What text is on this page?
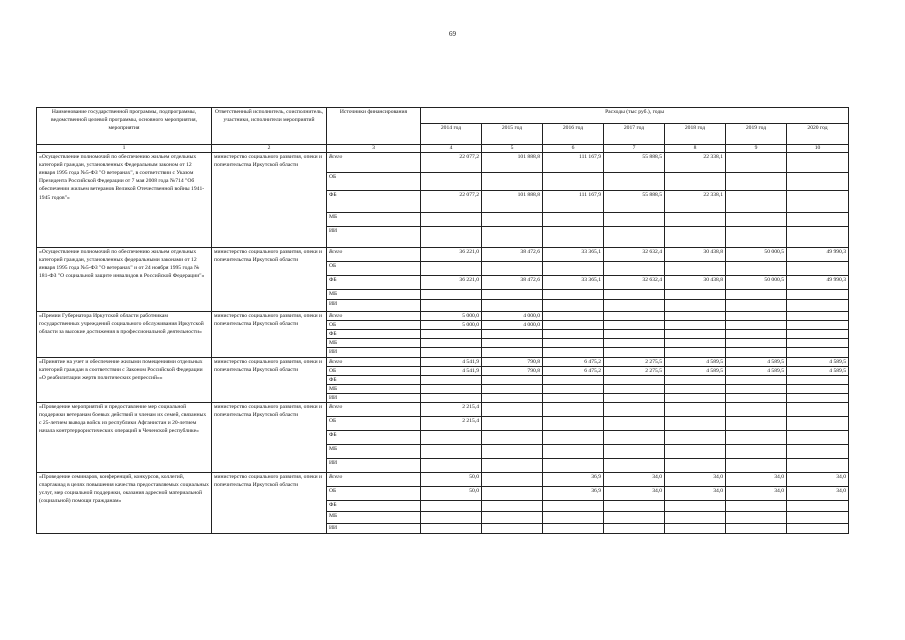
69
Наименование государственной программы, подпрограммы, ведомственной целевой программы, основного мероприятия, мероприятия	Ответственный исполнитель, соисполнитель, участники, исполнители мероприятий	Источники финансирования	Расходы (тыс руб.), годы						
			2014 год	2015 год	2016 год	2017 год	2018 год	2019 год	2020 год
1	2	3	4	5	6	7	8	9	10
«Осуществление полномочий по обеспечению жильем отдельных категорий граждан, установленных Федеральным законом от 12 января 1995 года №5-ФЗ "О ветеранах", в соответствии с Указом Президента Российской Федерации от 7 мая 2008 года №714 "Об обеспечении жильем ветеранов Великой Отечественной войны 1941-1945 годов"»	министерство социального развития, опеки и попечительства Иркутской области	Всего	22 077,2	101 888,8	111 167,9	55 888,5	22 338,1		
		ОБ							
		ФБ	22 077,2	101 888,8	111 167,9	55 888,5	22 338,1		
		МБ							
		ИИ							
«Осуществление полномочий по обеспечению жильем отдельных категорий граждан, установленных федеральными законами от 12 января 1995 года №5-ФЗ "О ветеранах" и от 24 ноября 1995 года № 181-ФЗ "О социальной защите инвалидов в Российской Федерации"»	министерство социального развития, опеки и попечительства Иркутской области	Всего	36 221,0	38 472,6	33 365,1	32 632,4	30 438,8	50 000,5	49 990,3
		ОБ							
		ФБ	36 221,0	38 472,6	33 365,1	32 632,4	30 438,8	50 000,5	49 990,3
		МБ							
		ИИ							
«Премии Губернатора Иркутской области работникам государственных учреждений социального обслуживания Иркутской области за высокие достижения в профессиональной деятельности»	министерство социального развития, опеки и попечительства Иркутской области	Всего	5 000,0	4 000,0					
		ОБ	5 000,0	4 000,0					
		ФБ							
		МБ							
		ИИ							
«Принятие на учет и обеспечение жилыми помещениями отдельных категорий граждан в соответствии с Законом Российской Федерации «О реабилитации жертв политических репрессий»»	министерство социального развития, опеки и попечительства Иркутской области	Всего	4 541,9	790,8	6 475,2	2 275,5	4 589,5	4 589,5	4 589,5
		ОБ	4 541,9	790,8	6 475,2	2 275,5	4 589,5	4 589,5	4 589,5
		ФБ							
		МБ							
		ИИ							
«Проведение мероприятий и предоставление мер социальной поддержки ветеранам боевых действий и членам их семей, связанных с 25-летием вывода войск из республики Афганистан и 20-летием начала контртеррористических операций в Чеченской республике»	министерство социального развития, опеки и попечительства Иркутской области	Всего	2 215,4						
		ОБ	2 215,4						
		ФБ							
		МБ							
		ИИ							
«Проведение семинаров, конференций, конкурсов, коллегий, спартакиад в целях повышения качества предоставляемых социальных услуг, мер социальной поддержки, оказания адресной материальной (социальной) помощи гражданам»	министерство социального развития, опеки и попечительства Иркутской области	Всего	50,0		36,9	34,0	34,0	34,0	34,0
		ОБ	50,0		36,9	34,0	34,0	34,0	34,0
		ФБ							
		МБ							
		ИИ							
